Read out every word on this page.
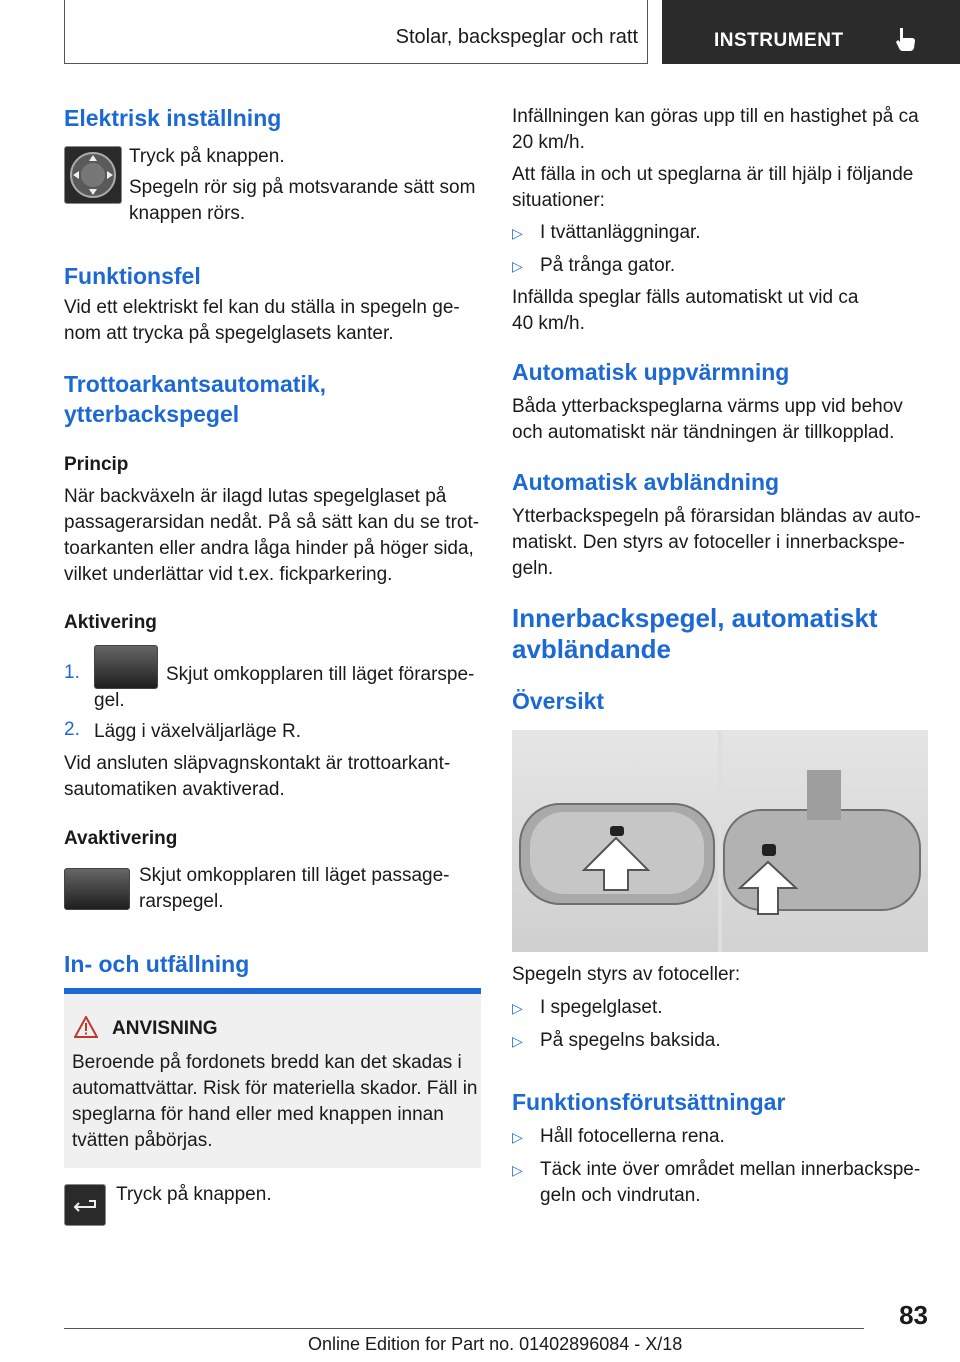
Stolar, backspeglar och ratt	INSTRUMENT
Elektrisk inställning

Tryck på knappen.

Spegeln rör sig på motsvarande sätt som

knappen rörs.

Funktionsfel

Vid ett elektriskt fel kan du ställa in spegeln ge-

nom att trycka på spegelglasets kanter.

Trottoarkantsautomatik,
ytterbackspegel
Princip

När backväxeln är ilagd lutas spegelglaset på

passagerarsidan nedåt. På så sätt kan du se trot-

toarkanten eller andra låga hinder på höger sida,

vilket underlättar vid t.ex. fickparkering.

Aktivering
1.	Skjut omkopplaren till läget förarspe-

gel.

2. Lägg i växelväljarläge R.

Vid ansluten släpvagnskontakt är trottoarkant-

sautomatiken avaktiverad.

Avaktivering

Skjut omkopplaren till läget passage-

rarspegel.

In- och utfällning
ANVISNING

Beroende på fordonets bredd kan det skadas i

automattvättar. Risk för materiella skador. Fäll in

speglarna för hand eller med knappen innan

tvätten påbörjas.

Tryck på knappen.

Infällningen kan göras upp till en hastighet på ca

20 km/h.

Att fälla in och ut speglarna är till hjälp i följande

situationer:

▷ I tvättanläggningar.
▷ På trånga gator.

Infällda speglar fälls automatiskt ut vid ca

40 km/h.

Automatisk uppvärmning

Båda ytterbackspeglarna värms upp vid behov

och automatiskt när tändningen är tillkopplad.

Automatisk avbländning

Ytterbackspegeln på förarsidan bländas av auto-

matiskt. Den styrs av fotoceller i innerbackspe-

geln.

Innerbackspegel, automatiskt
avbländande
Översikt

Spegeln styrs av fotoceller:

▷ I spegelglaset.
▷ På spegelns baksida.
Funktionsförutsättningar
▷ Håll fotocellerna rena.
▷ Täck inte över området mellan innerbackspe-

geln och vindrutan.

83
Online Edition for Part no. 01402896084 - X/18
